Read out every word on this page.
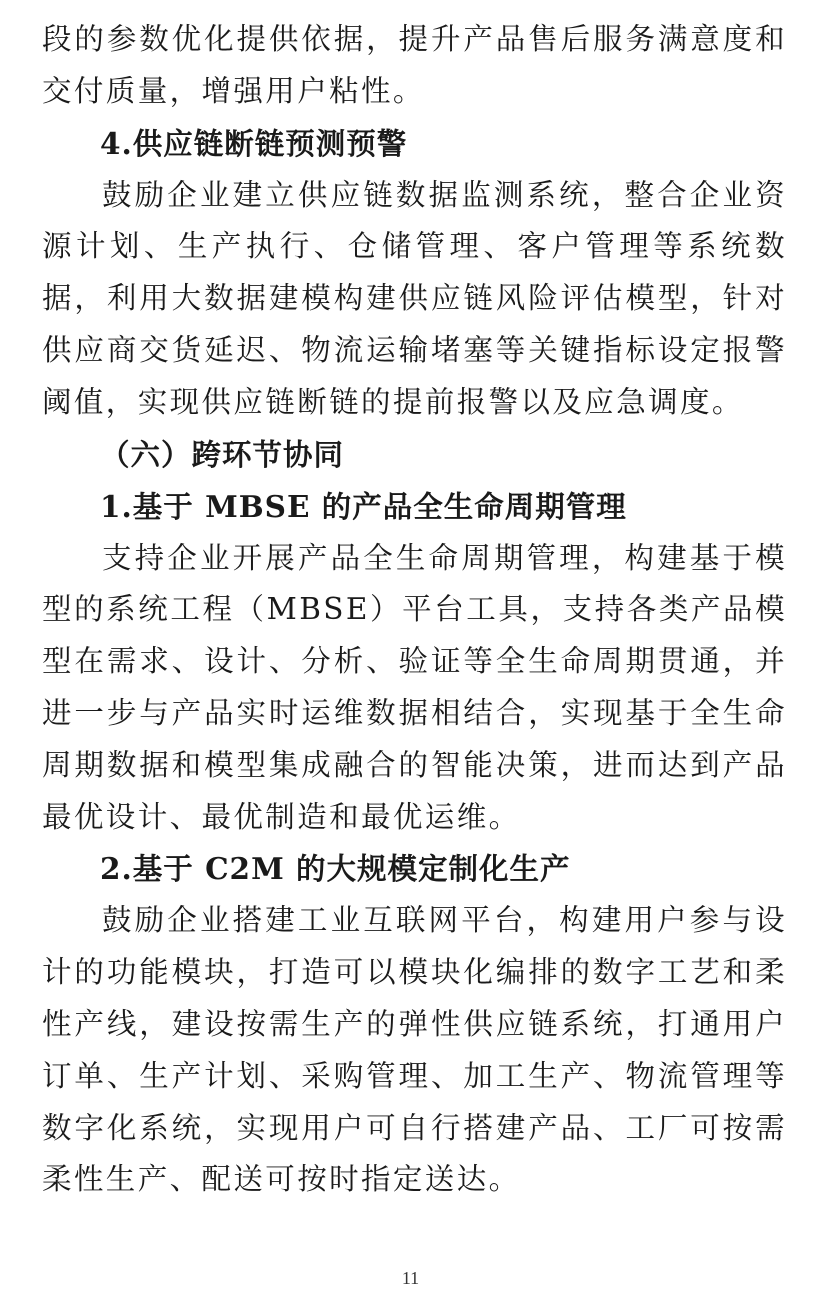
段的参数优化提供依据，提升产品售后服务满意度和交付质量，增强用户粘性。

4.供应链断链预测预警

鼓励企业建立供应链数据监测系统，整合企业资源计划、生产执行、仓储管理、客户管理等系统数据，利用大数据建模构建供应链风险评估模型，针对供应商交货延迟、物流运输堵塞等关键指标设定报警阈值，实现供应链断链的提前报警以及应急调度。

（六）跨环节协同

1.基于 MBSE 的产品全生命周期管理

支持企业开展产品全生命周期管理，构建基于模型的系统工程（MBSE）平台工具，支持各类产品模型在需求、设计、分析、验证等全生命周期贯通，并进一步与产品实时运维数据相结合，实现基于全生命周期数据和模型集成融合的智能决策，进而达到产品最优设计、最优制造和最优运维。

2.基于 C2M 的大规模定制化生产

鼓励企业搭建工业互联网平台，构建用户参与设计的功能模块，打造可以模块化编排的数字工艺和柔性产线，建设按需生产的弹性供应链系统，打通用户订单、生产计划、采购管理、加工生产、物流管理等数字化系统，实现用户可自行搭建产品、工厂可按需柔性生产、配送可按时指定送达。

11
